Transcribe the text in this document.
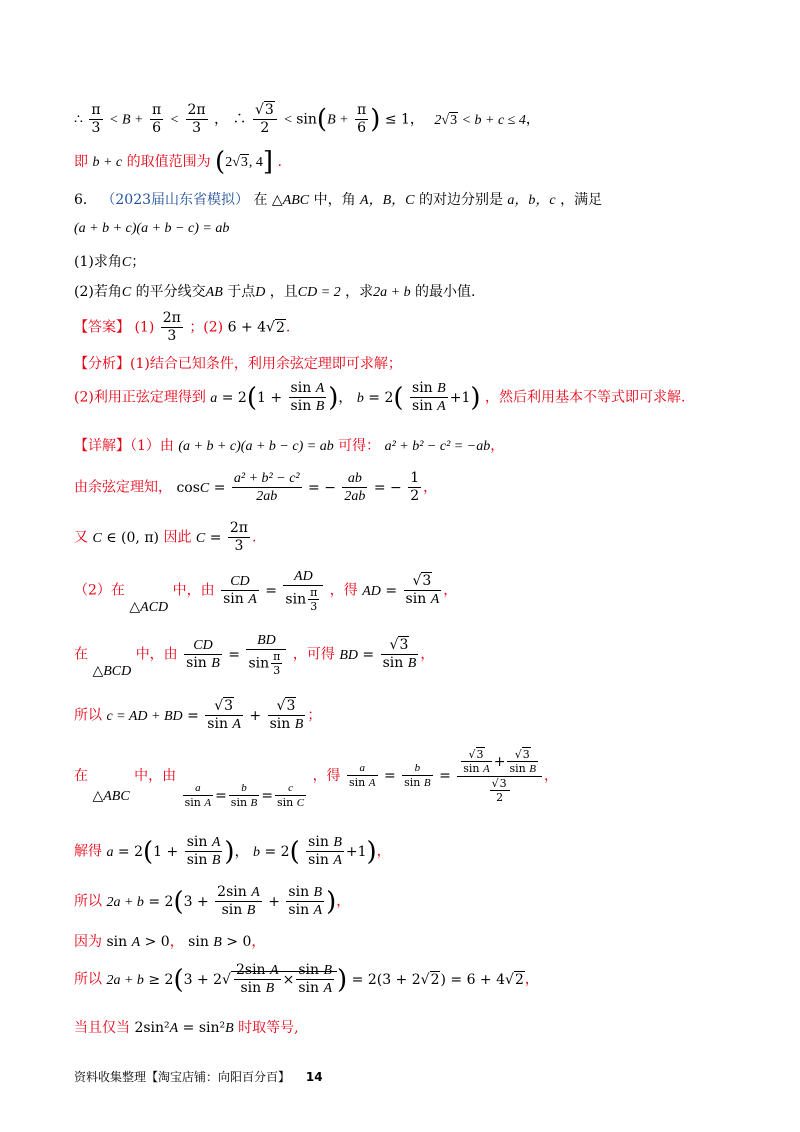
∴ $\frac{\pi}{3} < B + \frac{\pi}{6} < \frac{2\pi}{3}$ ， ∴ $\frac{√3}{2} < \sin(B + \frac{\pi}{6}$ ) ≤ 1， 2√3 < b + c ≤ 4，
即 b + c 的取值范围为 (2√3, 4] .
6． （2023届山东省模拟） 在 △ABC 中，角 A，B，C 的对边分别是 a，b，c ，满足
(a + b + c)(a + b − c) = ab
(1)求角C；
(2)若角C 的平分线交AB 于点D ，且CD = 2 ，求2a + b 的最小值.
【答案】 $(1) \frac{2\pi}{3}$ ；(2) 6 + 4√2.
【分析】(1)结合已知条件，利用余弦定理即可求解；
(2)利用正弦定理得到 $a = 2(1 + \frac{\text{sin A}}{\text{sin B}}$ )， $b = 2( \frac{\text{sin B}}{\text{sin A}} +1)$ ，然后利用基本不等式即可求解.
【详解】（1）由 (a + b + c)(a + b − c) = ab 可得： a² + b² − c² = −ab，
由余弦定理知， $\cos C = \frac{\text{a² + b² − c²}}{2ab}$ = − $\frac{ab}{2ab}$ = − $\frac{1}{2}$ ，
又 C ∈ (0, π) 因此 $C = \frac{2\pi}{3}$ .
（2）在 △ACD 中，由 $\frac{CD}{\text{sin A}} = \frac{AD}{\sin \frac{\pi}{3}}$ ，得 AD = $\frac{√3}{\text{sin A}}$ ，
在 △BCD 中，由 $\frac{CD}{\text{sin B}} = \frac{BD}{\sin \frac{\pi}{3}}$ ，可得 BD = $\frac{√3}{\text{sin B}}$ ，
所以 c = AD + BD = $\frac{√3}{\text{sin A}} + \frac{√3}{\text{sin B}}$ ；
在 △ABC 中，由
$\frac{a}{\text{sin A}} = \frac{b}{\text{sin B}} = \frac{c}{\text{sin C}}$
，得 $\frac{a}{\text{sin A}} = \frac{b}{\text{sin B}} = \frac{\frac{√3}{\text{sin A}} + \frac{√3}{\text{sin B}}}{\frac{√3}{2}}$ ，
解得 $a = 2(1 + \frac{\text{sin A}}{\text{sin B}}$ )， $b = 2( \frac{\text{sin B}}{\text{sin A}} +1)$，
所以 $2a + b = 2(3 + \frac{\text{2sin A}}{\text{sin B}} + \frac{\text{sin B}}{\text{sin A}}$ )，
因为 sin A > 0， sin B > 0，
所以 $2a + b \ge 2(3 + 2√ \frac{\text{2sin A}}{\text{sin B}} \times \frac{\text{sin B}}{\text{sin A}}$ ) = 2(3 + 2√2) = 6 + 4√2，
当且仅当 2sin²A = sin²B 时取等号,
资料收集整理【淘宝店铺：向阳百分百】 14
